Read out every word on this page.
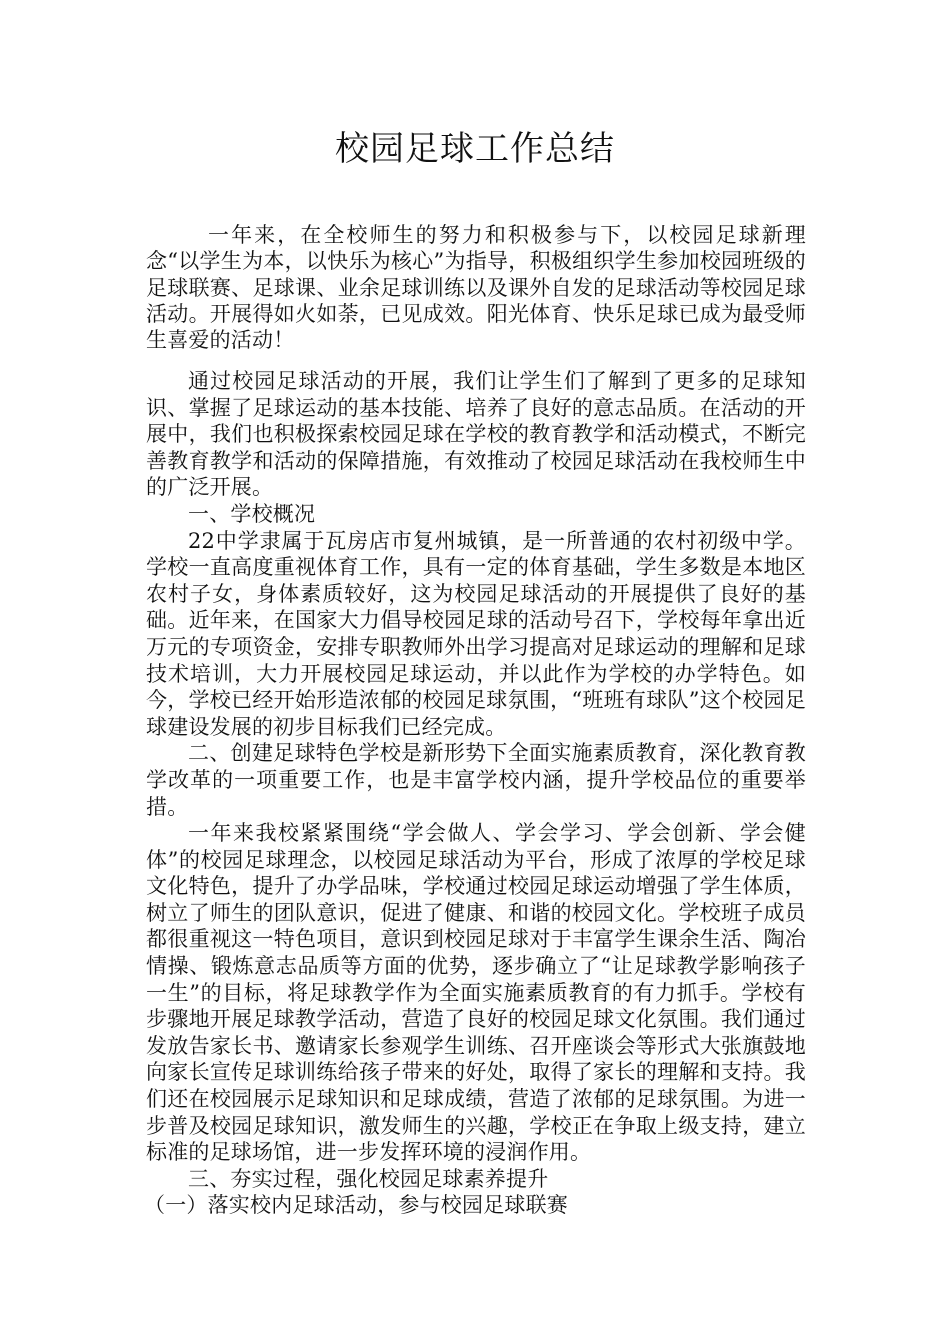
校园足球工作总结

一年来，在全校师生的努力和积极参与下，以校园足球新理念“以学生为本，以快乐为核心”为指导，积极组织学生参加校园班级的足球联赛、足球课、业余足球训练以及课外自发的足球活动等校园足球活动。开展得如火如荼，已见成效。阳光体育、快乐足球已成为最受师生喜爱的活动！

通过校园足球活动的开展，我们让学生们了解到了更多的足球知识、掌握了足球运动的基本技能、培养了良好的意志品质。在活动的开展中，我们也积极探索校园足球在学校的教育教学和活动模式，不断完善教育教学和活动的保障措施，有效推动了校园足球活动在我校师生中的广泛开展。

一、学校概况

22中学隶属于瓦房店市复州城镇，是一所普通的农村初级中学。学校一直高度重视体育工作，具有一定的体育基础，学生多数是本地区农村子女，身体素质较好，这为校园足球活动的开展提供了良好的基础。近年来，在国家大力倡导校园足球的活动号召下，学校每年拿出近万元的专项资金，安排专职教师外出学习提高对足球运动的理解和足球技术培训，大力开展校园足球运动，并以此作为学校的办学特色。如今，学校已经开始形造浓郁的校园足球氛围，“班班有球队”这个校园足球建设发展的初步目标我们已经完成。

二、创建足球特色学校是新形势下全面实施素质教育，深化教育教学改革的一项重要工作，也是丰富学校内涵，提升学校品位的重要举措。

一年来我校紧紧围绕“学会做人、学会学习、学会创新、学会健体”的校园足球理念，以校园足球活动为平台，形成了浓厚的学校足球文化特色，提升了办学品味，学校通过校园足球运动增强了学生体质，树立了师生的团队意识，促进了健康、和谐的校园文化。学校班子成员都很重视这一特色项目，意识到校园足球对于丰富学生课余生活、陶冶情操、锻炼意志品质等方面的优势，逐步确立了“让足球教学影响孩子一生”的目标，将足球教学作为全面实施素质教育的有力抓手。学校有步骤地开展足球教学活动，营造了良好的校园足球文化氛围。我们通过发放告家长书、邀请家长参观学生训练、召开座谈会等形式大张旗鼓地向家长宣传足球训练给孩子带来的好处，取得了家长的理解和支持。我们还在校园展示足球知识和足球成绩，营造了浓郁的足球氛围。为进一步普及校园足球知识，激发师生的兴趣，学校正在争取上级支持，建立标准的足球场馆，进一步发挥环境的浸润作用。

三、夯实过程，强化校园足球素养提升

（一）落实校内足球活动，参与校园足球联赛
